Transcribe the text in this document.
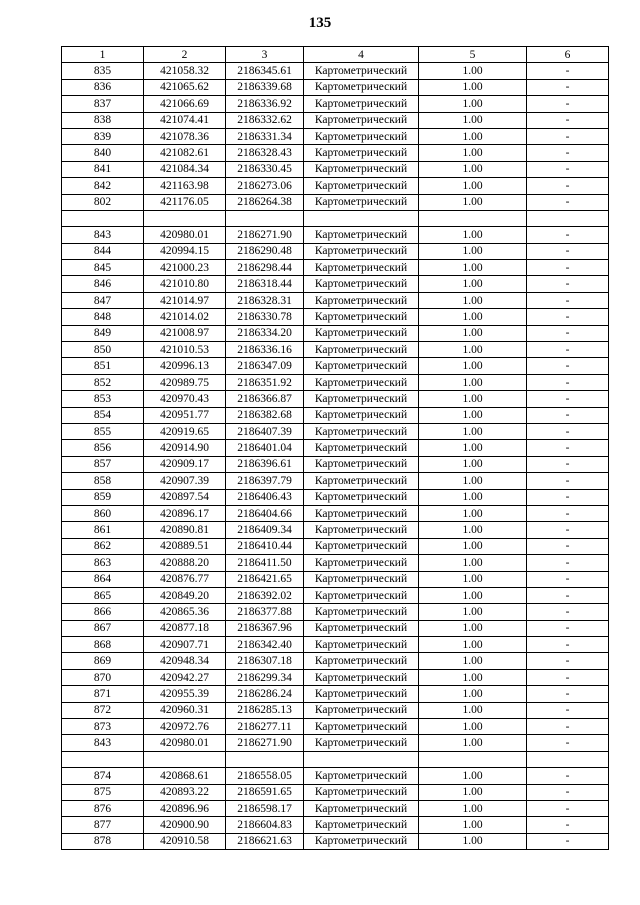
135
1	2	3	4	5	6
835	421058.32	2186345.61	Картометрический	1.00	-
836	421065.62	2186339.68	Картометрический	1.00	-
837	421066.69	2186336.92	Картометрический	1.00	-
838	421074.41	2186332.62	Картометрический	1.00	-
839	421078.36	2186331.34	Картометрический	1.00	-
840	421082.61	2186328.43	Картометрический	1.00	-
841	421084.34	2186330.45	Картометрический	1.00	-
842	421163.98	2186273.06	Картометрический	1.00	-
802	421176.05	2186264.38	Картометрический	1.00	-

843	420980.01	2186271.90	Картометрический	1.00	-
844	420994.15	2186290.48	Картометрический	1.00	-
845	421000.23	2186298.44	Картометрический	1.00	-
846	421010.80	2186318.44	Картометрический	1.00	-
847	421014.97	2186328.31	Картометрический	1.00	-
848	421014.02	2186330.78	Картометрический	1.00	-
849	421008.97	2186334.20	Картометрический	1.00	-
850	421010.53	2186336.16	Картометрический	1.00	-
851	420996.13	2186347.09	Картометрический	1.00	-
852	420989.75	2186351.92	Картометрический	1.00	-
853	420970.43	2186366.87	Картометрический	1.00	-
854	420951.77	2186382.68	Картометрический	1.00	-
855	420919.65	2186407.39	Картометрический	1.00	-
856	420914.90	2186401.04	Картометрический	1.00	-
857	420909.17	2186396.61	Картометрический	1.00	-
858	420907.39	2186397.79	Картометрический	1.00	-
859	420897.54	2186406.43	Картометрический	1.00	-
860	420896.17	2186404.66	Картометрический	1.00	-
861	420890.81	2186409.34	Картометрический	1.00	-
862	420889.51	2186410.44	Картометрический	1.00	-
863	420888.20	2186411.50	Картометрический	1.00	-
864	420876.77	2186421.65	Картометрический	1.00	-
865	420849.20	2186392.02	Картометрический	1.00	-
866	420865.36	2186377.88	Картометрический	1.00	-
867	420877.18	2186367.96	Картометрический	1.00	-
868	420907.71	2186342.40	Картометрический	1.00	-
869	420948.34	2186307.18	Картометрический	1.00	-
870	420942.27	2186299.34	Картометрический	1.00	-
871	420955.39	2186286.24	Картометрический	1.00	-
872	420960.31	2186285.13	Картометрический	1.00	-
873	420972.76	2186277.11	Картометрический	1.00	-
843	420980.01	2186271.90	Картометрический	1.00	-

874	420868.61	2186558.05	Картометрический	1.00	-
875	420893.22	2186591.65	Картометрический	1.00	-
876	420896.96	2186598.17	Картометрический	1.00	-
877	420900.90	2186604.83	Картометрический	1.00	-
878	420910.58	2186621.63	Картометрический	1.00	-
